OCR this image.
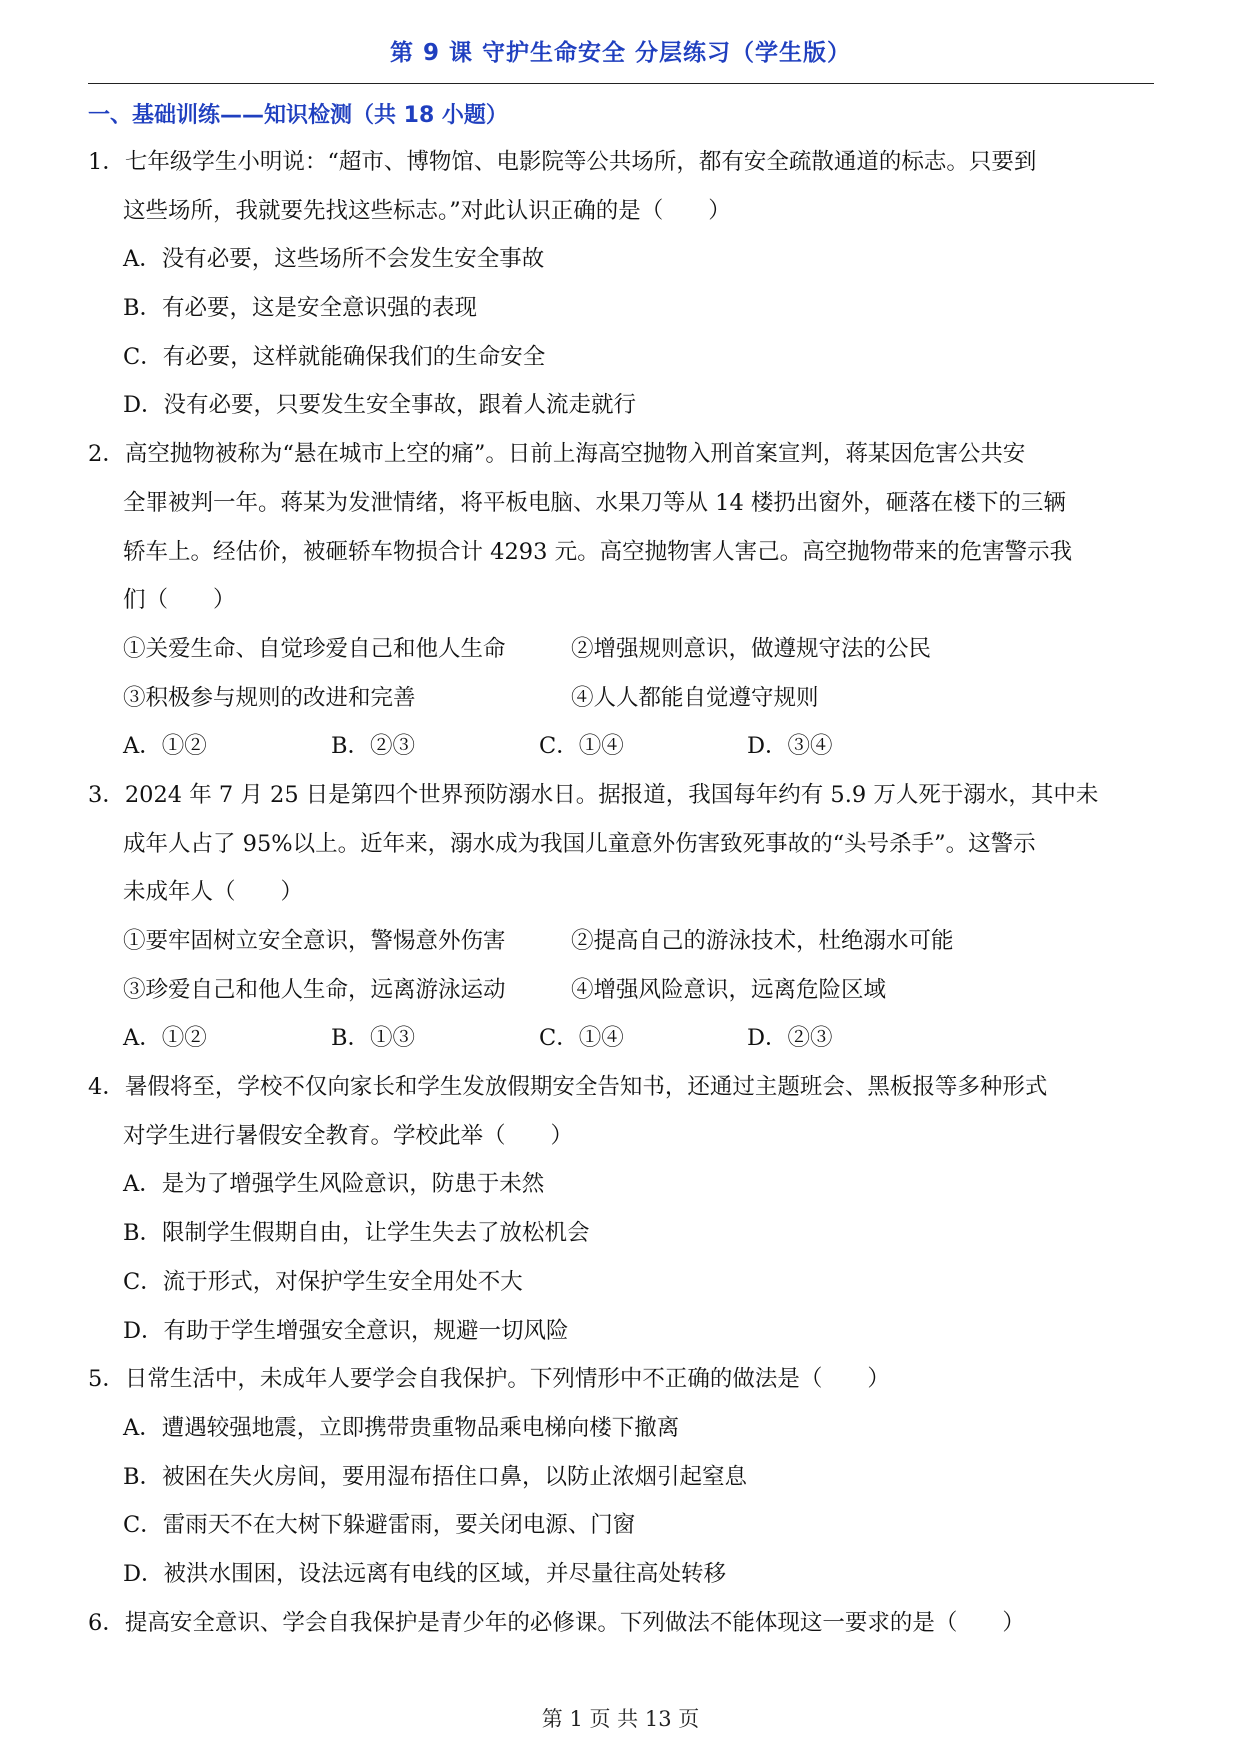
第 9 课 守护生命安全 分层练习（学生版）
一、基础训练——知识检测（共 18 小题）
1．七年级学生小明说：“超市、博物馆、电影院等公共场所，都有安全疏散通道的标志。只要到
这些场所，我就要先找这些标志。”对此认识正确的是（　　）
A．没有必要，这些场所不会发生安全事故
B．有必要，这是安全意识强的表现
C．有必要，这样就能确保我们的生命安全
D．没有必要，只要发生安全事故，跟着人流走就行
2．高空抛物被称为“悬在城市上空的痛”。日前上海高空抛物入刑首案宣判，蒋某因危害公共安
全罪被判一年。蒋某为发泄情绪，将平板电脑、水果刀等从 14 楼扔出窗外，砸落在楼下的三辆
轿车上。经估价，被砸轿车物损合计 4293 元。高空抛物害人害己。高空抛物带来的危害警示我
们（　　）
①关爱生命、自觉珍爱自己和他人生命	②增强规则意识，做遵规守法的公民
③积极参与规则的改进和完善	④人人都能自觉遵守规则
A．①②	B．②③	C．①④	D．③④
3．2024 年 7 月 25 日是第四个世界预防溺水日。据报道，我国每年约有 5.9 万人死于溺水，其中未
成年人占了 95%以上。近年来，溺水成为我国儿童意外伤害致死事故的“头号杀手”。这警示
未成年人（　　）
①要牢固树立安全意识，警惕意外伤害	②提高自己的游泳技术，杜绝溺水可能
③珍爱自己和他人生命，远离游泳运动	④增强风险意识，远离危险区域
A．①②	B．①③	C．①④	D．②③
4．暑假将至，学校不仅向家长和学生发放假期安全告知书，还通过主题班会、黑板报等多种形式
对学生进行暑假安全教育。学校此举（　　）
A．是为了增强学生风险意识，防患于未然
B．限制学生假期自由，让学生失去了放松机会
C．流于形式，对保护学生安全用处不大
D．有助于学生增强安全意识，规避一切风险
5．日常生活中，未成年人要学会自我保护。下列情形中不正确的做法是（　　）
A．遭遇较强地震，立即携带贵重物品乘电梯向楼下撤离
B．被困在失火房间，要用湿布捂住口鼻，以防止浓烟引起窒息
C．雷雨天不在大树下躲避雷雨，要关闭电源、门窗
D．被洪水围困，设法远离有电线的区域，并尽量往高处转移
6．提高安全意识、学会自我保护是青少年的必修课。下列做法不能体现这一要求的是（　　）
第 1 页 共 13 页
